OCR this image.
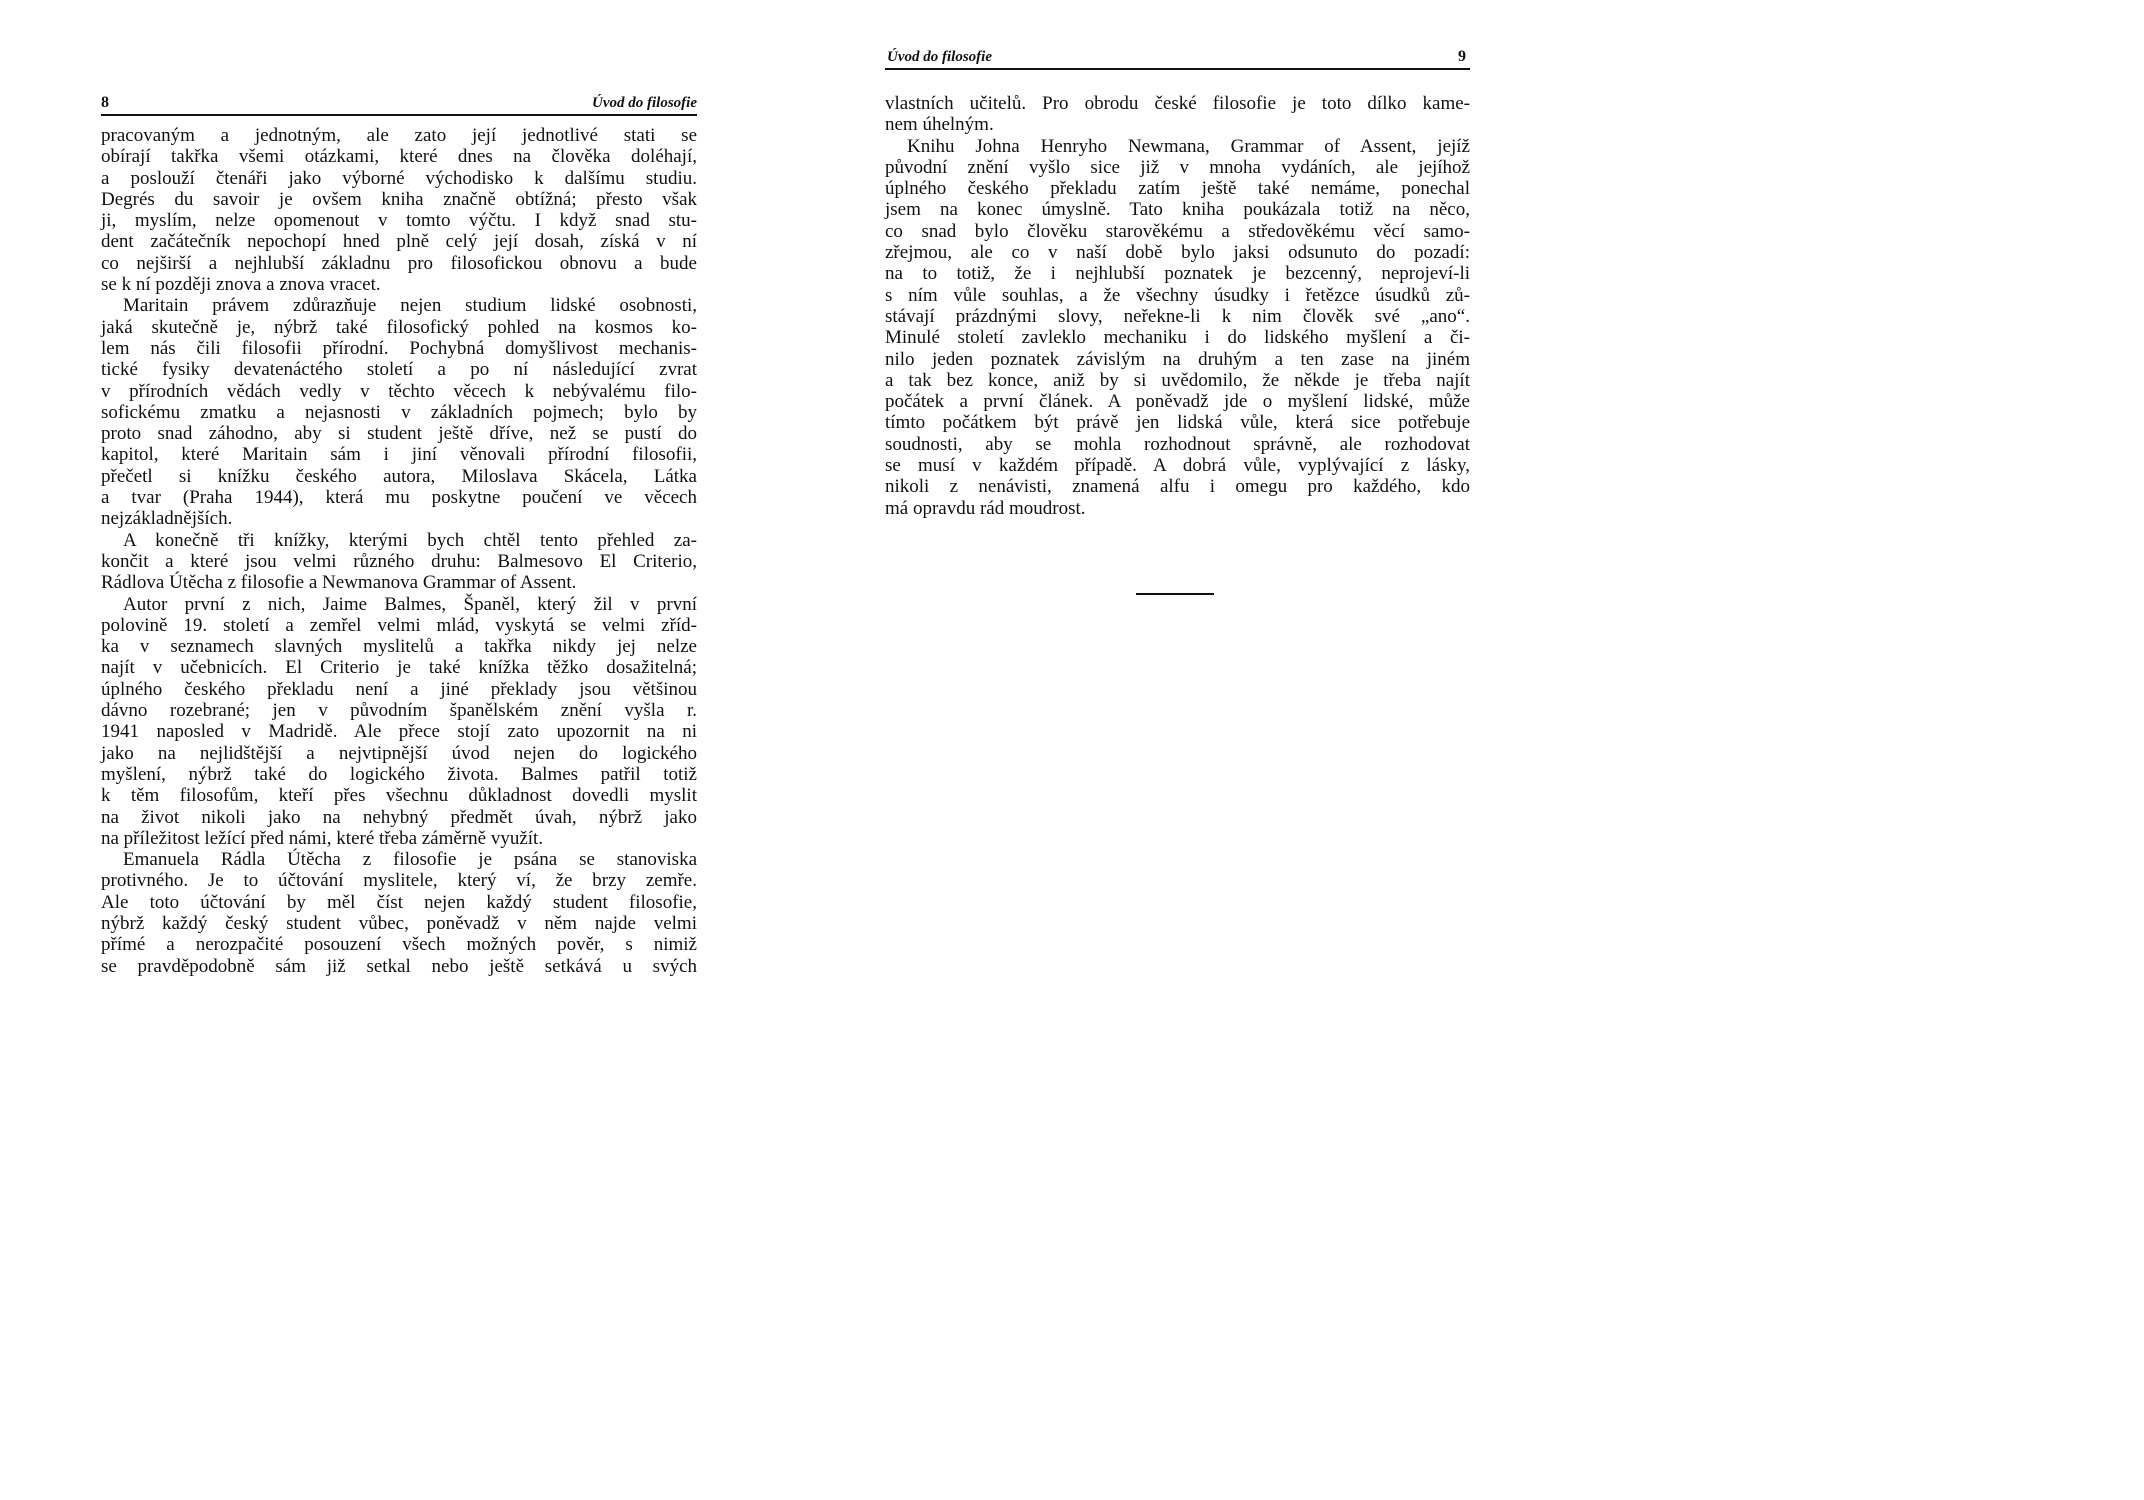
8	Úvod do filosofie
pracovaným a jednotným, ale zato její jednotlivé stati se
obírají takřka všemi otázkami, které dnes na člověka doléhají,
a poslouží čtenáři jako výborné východisko k dalšímu studiu.
Degrés du savoir je ovšem kniha značně obtížná; přesto však
ji, myslím, nelze opomenout v tomto výčtu. I když snad stu-
dent začátečník nepochopí hned plně celý její dosah, získá v ní
co nejširší a nejhlubší základnu pro filosofickou obnovu a bude
se k ní později znova a znova vracet.
Maritain právem zdůrazňuje nejen studium lidské osobnosti,
jaká skutečně je, nýbrž také filosofický pohled na kosmos ko-
lem nás čili filosofii přírodní. Pochybná domyšlivost mechanis-
tické fysiky devatenáctého století a po ní následující zvrat
v přírodních vědách vedly v těchto věcech k nebývalému filo-
sofickému zmatku a nejasnosti v základních pojmech; bylo by
proto snad záhodno, aby si student ještě dříve, než se pustí do
kapitol, které Maritain sám i jiní věnovali přírodní filosofii,
přečetl si knížku českého autora, Miloslava Skácela, Látka
a tvar (Praha 1944), která mu poskytne poučení ve věcech
nejzákladnějších.
A konečně tři knížky, kterými bych chtěl tento přehled za-
končit a které jsou velmi různého druhu: Balmesovo El Criterio,
Rádlova Útěcha z filosofie a Newmanova Grammar of Assent.
Autor první z nich, Jaime Balmes, Španěl, který žil v první
polovině 19. století a zemřel velmi mlád, vyskytá se velmi zříd-
ka v seznamech slavných myslitelů a takřka nikdy jej nelze
najít v učebnicích. El Criterio je také knížka těžko dosažitelná;
úplného českého překladu není a jiné překlady jsou většinou
dávno rozebrané; jen v původním španělském znění vyšla r.
1941 naposled v Madridě. Ale přece stojí zato upozornit na ni
jako na nejlidštější a nejvtipnější úvod nejen do logického
myšlení, nýbrž také do logického života. Balmes patřil totiž
k těm filosofům, kteří přes všechnu důkladnost dovedli myslit
na život nikoli jako na nehybný předmět úvah, nýbrž jako
na příležitost ležící před námi, které třeba záměrně využít.
Emanuela Rádla Útěcha z filosofie je psána se stanoviska
protivného. Je to účtování myslitele, který ví, že brzy zemře.
Ale toto účtování by měl číst nejen každý student filosofie,
nýbrž každý český student vůbec, poněvadž v něm najde velmi
přímé a nerozpačité posouzení všech možných pověr, s nimiž
se pravděpodobně sám již setkal nebo ještě setkává u svých
Úvod do filosofie	9
vlastních učitelů. Pro obrodu české filosofie je toto dílko kame-
nem úhelným.
Knihu Johna Henryho Newmana, Grammar of Assent, jejíž
původní znění vyšlo sice již v mnoha vydáních, ale jejíhož
úplného českého překladu zatím ještě také nemáme, ponechal
jsem na konec úmyslně. Tato kniha poukázala totiž na něco,
co snad bylo člověku starověkému a středověkému věcí samo-
zřejmou, ale co v naší době bylo jaksi odsunuto do pozadí:
na to totiž, že i nejhlubší poznatek je bezcenný, neprojeví-li
s ním vůle souhlas, a že všechny úsudky i řetězce úsudků zů-
stávají prázdnými slovy, neřekne-li k nim člověk své „ano“.
Minulé století zavleklo mechaniku i do lidského myšlení a či-
nilo jeden poznatek závislým na druhým a ten zase na jiném
a tak bez konce, aniž by si uvědomilo, že někde je třeba najít
počátek a první článek. A poněvadž jde o myšlení lidské, může
tímto počátkem být právě jen lidská vůle, která sice potřebuje
soudnosti, aby se mohla rozhodnout správně, ale rozhodovat
se musí v každém případě. A dobrá vůle, vyplývající z lásky,
nikoli z nenávisti, znamená alfu i omegu pro každého, kdo
má opravdu rád moudrost.
